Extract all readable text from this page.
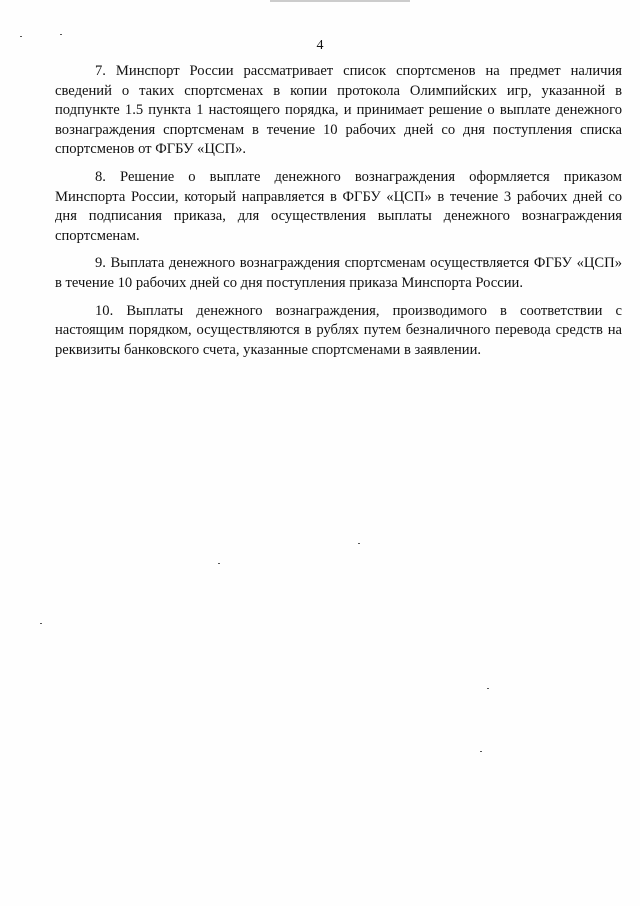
4

7. Минспорт России рассматривает список спортсменов на предмет наличия сведений о таких спортсменах в копии протокола Олимпийских игр, указанной в подпункте 1.5 пункта 1 настоящего порядка, и принимает решение о выплате денежного вознаграждения спортсменам в течение 10 рабочих дней со дня поступления списка спортсменов от ФГБУ «ЦСП».

8. Решение о выплате денежного вознаграждения оформляется приказом Минспорта России, который направляется в ФГБУ «ЦСП» в течение 3 рабочих дней со дня подписания приказа, для осуществления выплаты денежного вознаграждения спортсменам.

9. Выплата денежного вознаграждения спортсменам осуществляется ФГБУ «ЦСП» в течение 10 рабочих дней со дня поступления приказа Минспорта России.

10. Выплаты денежного вознаграждения, производимого в соответствии с настоящим порядком, осуществляются в рублях путем безналичного перевода средств на реквизиты банковского счета, указанные спортсменами в заявлении.
